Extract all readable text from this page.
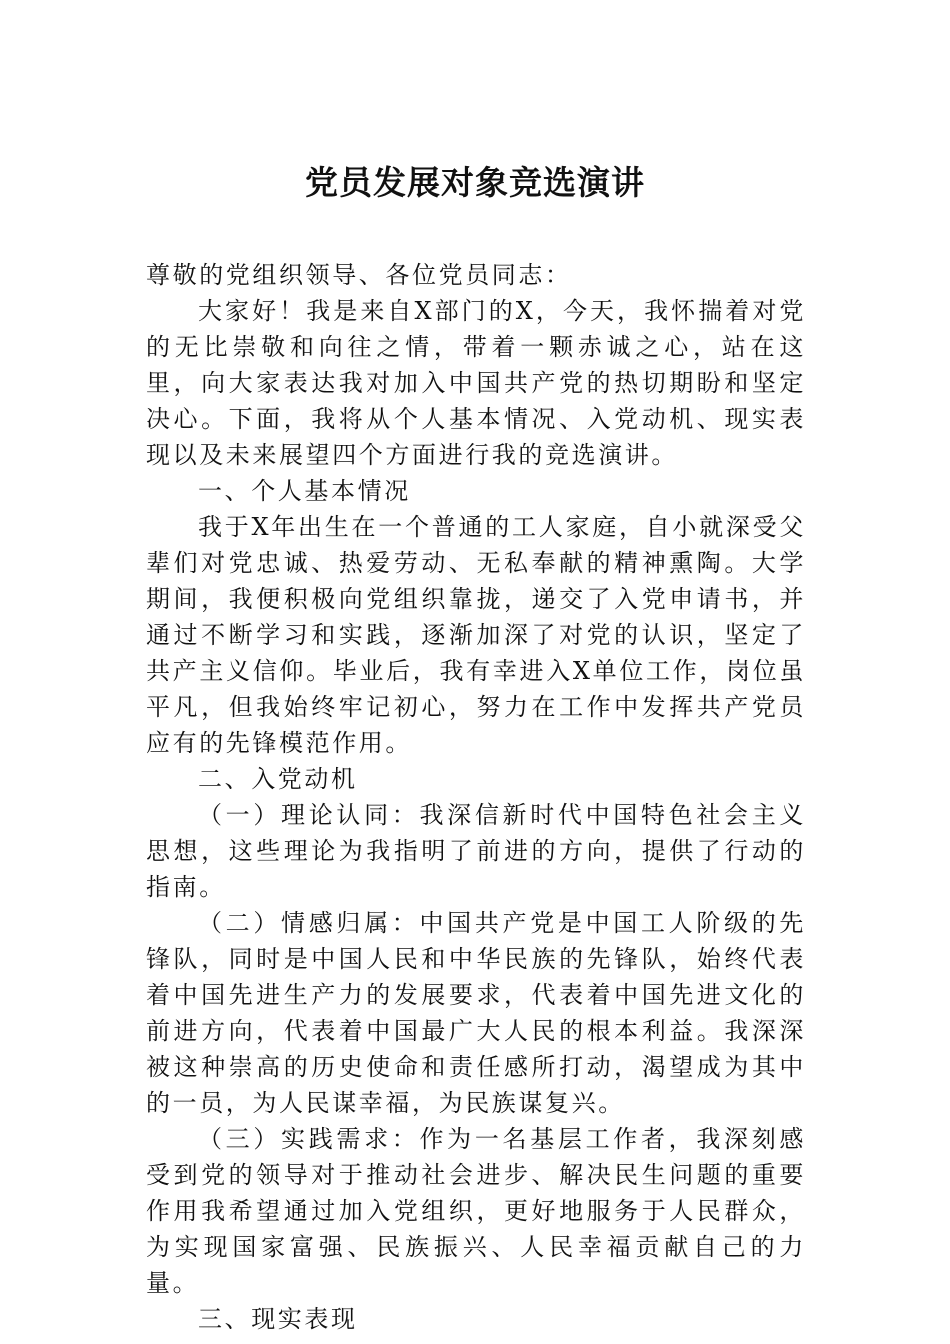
党员发展对象竞选演讲

尊敬的党组织领导、各位党员同志：

大家好！我是来自X部门的X，今天，我怀揣着对党的无比崇敬和向往之情，带着一颗赤诚之心，站在这里，向大家表达我对加入中国共产党的热切期盼和坚定决心。下面，我将从个人基本情况、入党动机、现实表现以及未来展望四个方面进行我的竞选演讲。

一、个人基本情况

我于X年出生在一个普通的工人家庭，自小就深受父辈们对党忠诚、热爱劳动、无私奉献的精神熏陶。大学期间，我便积极向党组织靠拢，递交了入党申请书，并通过不断学习和实践，逐渐加深了对党的认识，坚定了共产主义信仰。毕业后，我有幸进入X单位工作，岗位虽平凡，但我始终牢记初心，努力在工作中发挥共产党员应有的先锋模范作用。

二、入党动机

（一）理论认同：我深信新时代中国特色社会主义思想，这些理论为我指明了前进的方向，提供了行动的指南。

（二）情感归属：中国共产党是中国工人阶级的先锋队，同时是中国人民和中华民族的先锋队，始终代表着中国先进生产力的发展要求，代表着中国先进文化的前进方向，代表着中国最广大人民的根本利益。我深深被这种崇高的历史使命和责任感所打动，渴望成为其中的一员，为人民谋幸福，为民族谋复兴。

（三）实践需求：作为一名基层工作者，我深刻感受到党的领导对于推动社会进步、解决民生问题的重要作用我希望通过加入党组织，更好地服务于人民群众，为实现国家富强、民族振兴、人民幸福贡献自己的力量。

三、现实表现
